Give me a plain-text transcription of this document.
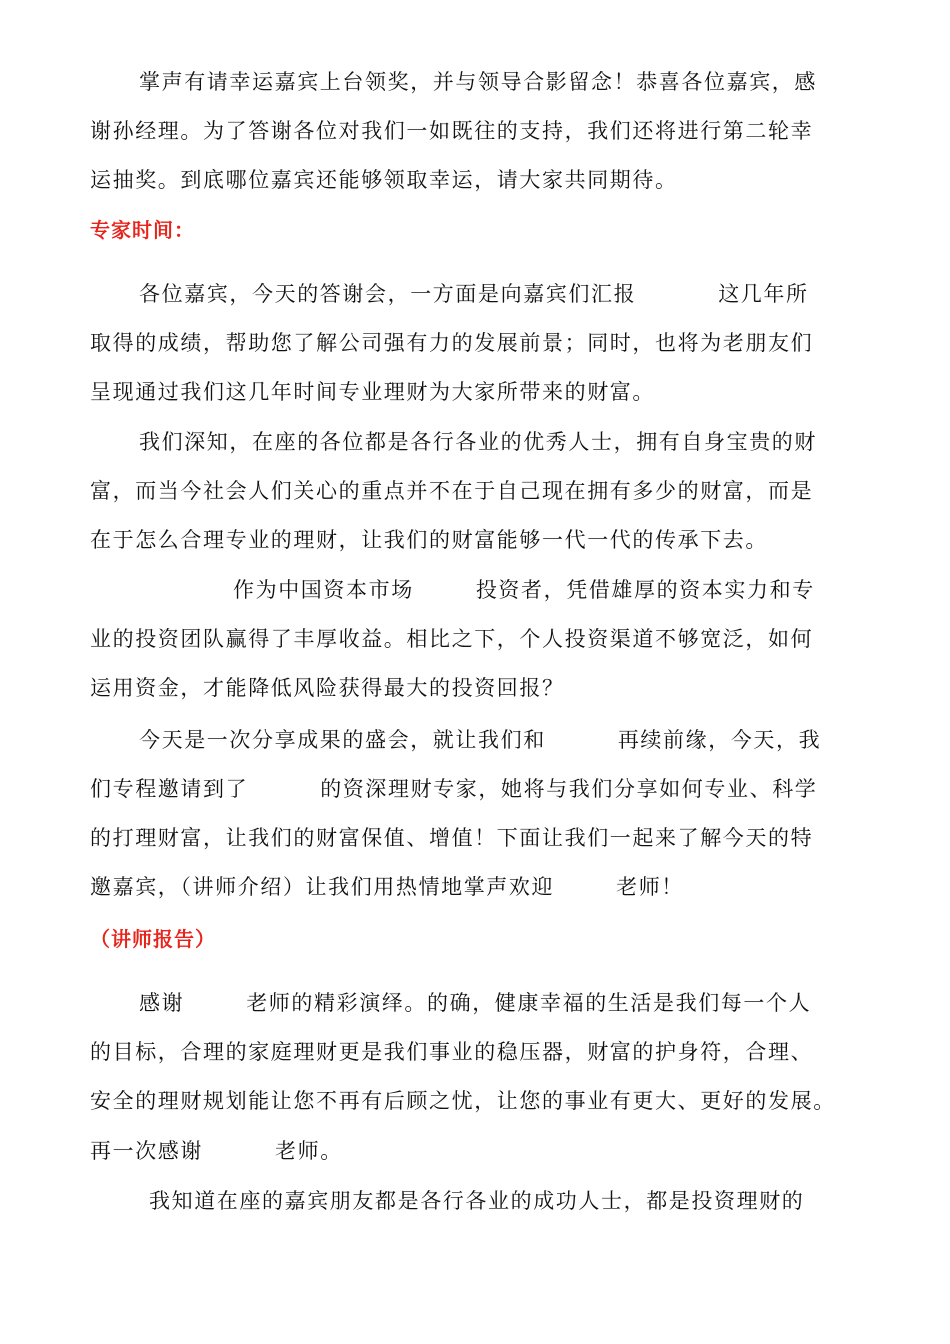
掌声有请幸运嘉宾上台领奖，并与领导合影留念！恭喜各位嘉宾，感
谢孙经理。为了答谢各位对我们一如既往的支持，我们还将进行第二轮幸
运抽奖。到底哪位嘉宾还能够领取幸运，请大家共同期待。
专家时间：
各位嘉宾，今天的答谢会，一方面是向嘉宾们汇报	这几年所
取得的成绩，帮助您了解公司强有力的发展前景；同时，也将为老朋友们
呈现通过我们这几年时间专业理财为大家所带来的财富。
我们深知，在座的各位都是各行各业的优秀人士，拥有自身宝贵的财
富，而当今社会人们关心的重点并不在于自己现在拥有多少的财富，而是
在于怎么合理专业的理财，让我们的财富能够一代一代的传承下去。
作为中国资本市场	投资者，凭借雄厚的资本实力和专
业的投资团队赢得了丰厚收益。相比之下，个人投资渠道不够宽泛，如何
运用资金，才能降低风险获得最大的投资回报？
今天是一次分享成果的盛会，就让我们和	再续前缘，今天，我
们专程邀请到了	的资深理财专家，她将与我们分享如何专业、科学
的打理财富，让我们的财富保值、增值！下面让我们一起来了解今天的特
邀嘉宾，（讲师介绍）让我们用热情地掌声欢迎	老师！
（讲师报告）
感谢	老师的精彩演绎。的确，健康幸福的生活是我们每一个人
的目标，合理的家庭理财更是我们事业的稳压器，财富的护身符，合理、
安全的理财规划能让您不再有后顾之忧，让您的事业有更大、更好的发展。
再一次感谢	老师。
我知道在座的嘉宾朋友都是各行各业的成功人士，都是投资理财的
